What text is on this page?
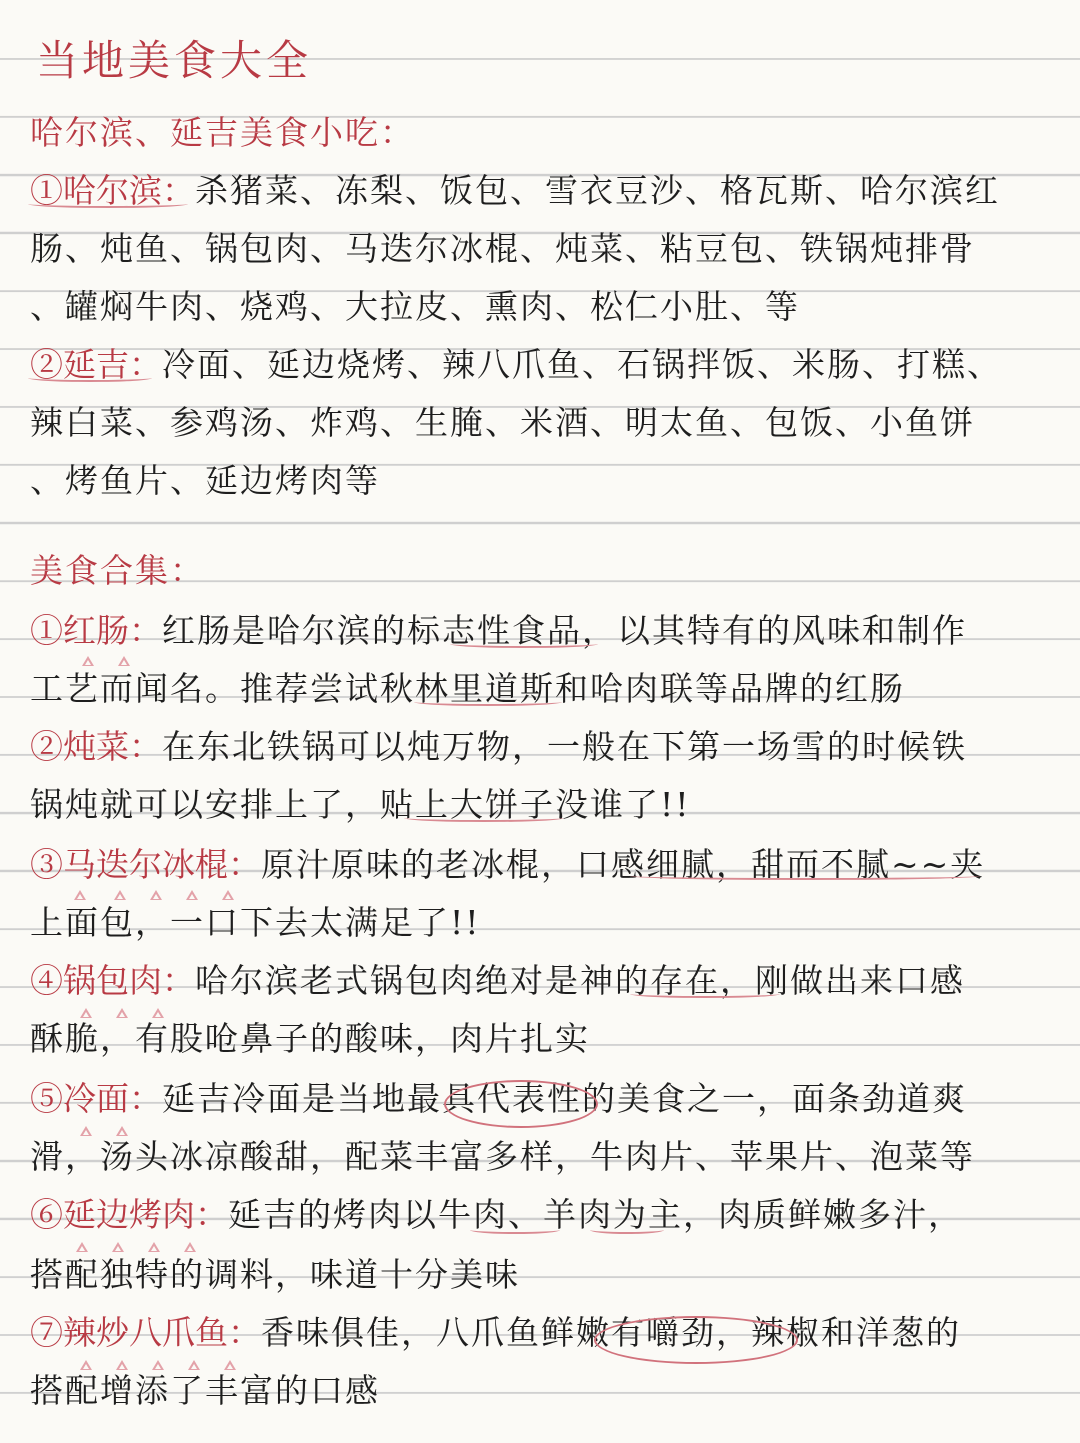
当地美食大全
哈尔滨、延吉美食小吃：
①哈尔滨：杀猪菜、冻梨、饭包、雪衣豆沙、格瓦斯、哈尔滨红
肠、炖鱼、锅包肉、马迭尔冰棍、炖菜、粘豆包、铁锅炖排骨
、罐焖牛肉、烧鸡、大拉皮、熏肉、松仁小肚、等
②延吉：冷面、延边烧烤、辣八爪鱼、石锅拌饭、米肠、打糕、
辣白菜、参鸡汤、炸鸡、生腌、米酒、明太鱼、包饭、小鱼饼
、烤鱼片、延边烤肉等
美食合集：
①红肠：红肠是哈尔滨的标志性食品，以其特有的风味和制作
工艺而闻名。推荐尝试秋林里道斯和哈肉联等品牌的红肠
②炖菜：在东北铁锅可以炖万物，一般在下第一场雪的时候铁
锅炖就可以安排上了，贴上大饼子没谁了!!
③马迭尔冰棍：原汁原味的老冰棍，口感细腻，甜而不腻~~夹
上面包，一口下去太满足了!!
④锅包肉：哈尔滨老式锅包肉绝对是神的存在，刚做出来口感
酥脆，有股呛鼻子的酸味，肉片扎实
⑤冷面：延吉冷面是当地最具代表性的美食之一，面条劲道爽
滑，汤头冰凉酸甜，配菜丰富多样，牛肉片、苹果片、泡菜等
⑥延边烤肉：延吉的烤肉以牛肉、羊肉为主，肉质鲜嫩多汁，
搭配独特的调料，味道十分美味
⑦辣炒八爪鱼：香味俱佳，八爪鱼鲜嫩有嚼劲，辣椒和洋葱的
搭配增添了丰富的口感
